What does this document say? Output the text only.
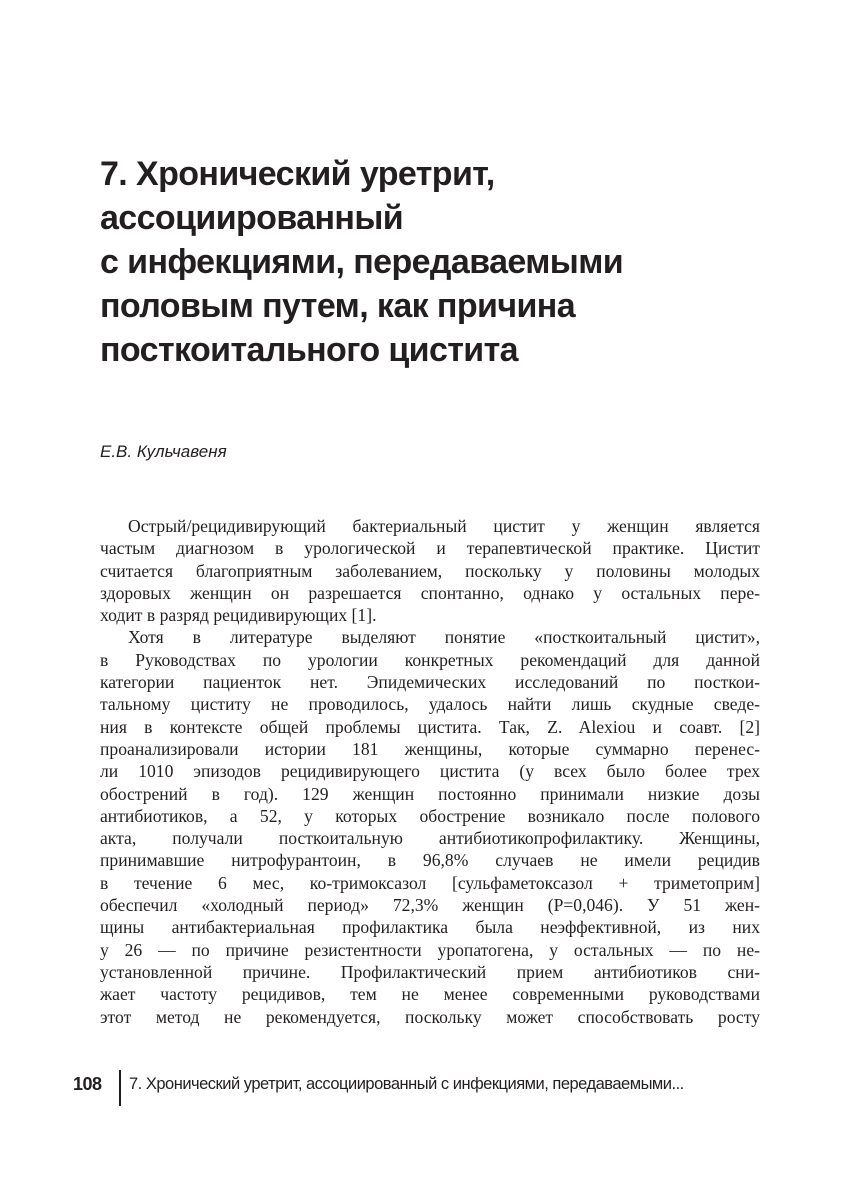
7. Хронический уретрит,
ассоциированный
с инфекциями, передаваемыми
половым путем, как причина
посткоитального цистита

Е.В. Кульчавеня

Острый/рецидивирующий бактериальный цистит у женщин является
частым диагнозом в урологической и терапевтической практике. Цистит
считается благоприятным заболеванием, поскольку у половины молодых
здоровых женщин он разрешается спонтанно, однако у остальных пере-
ходит в разряд рецидивирующих [1].
Хотя в литературе выделяют понятие «посткоитальный цистит»,
в Руководствах по урологии конкретных рекомендаций для данной
категории пациенток нет. Эпидемических исследований по посткои-
тальному циститу не проводилось, удалось найти лишь скудные сведе-
ния в контексте общей проблемы цистита. Так, Z. Alexiou и соавт. [2]
проанализировали истории 181 женщины, которые суммарно перенес-
ли 1010 эпизодов рецидивирующего цистита (у всех было более трех
обострений в год). 129 женщин постоянно принимали низкие дозы
антибиотиков, а 52, у которых обострение возникало после полового
акта, получали посткоитальную антибиотикопрофилактику. Женщины,
принимавшие нитрофурантоин, в 96,8% случаев не имели рецидив
в течение 6 мес, ко-тримоксазол [сульфаметоксазол + триметоприм]
обеспечил «холодный период» 72,3% женщин (P=0,046). У 51 жен-
щины антибактериальная профилактика была неэффективной, из них
у 26 — по причине резистентности уропатогена, у остальных — по не-
установленной причине. Профилактический прием антибиотиков сни-
жает частоту рецидивов, тем не менее современными руководствами
этот метод не рекомендуется, поскольку может способствовать росту
108 7. Хронический уретрит, ассоциированный с инфекциями, передаваемыми...
